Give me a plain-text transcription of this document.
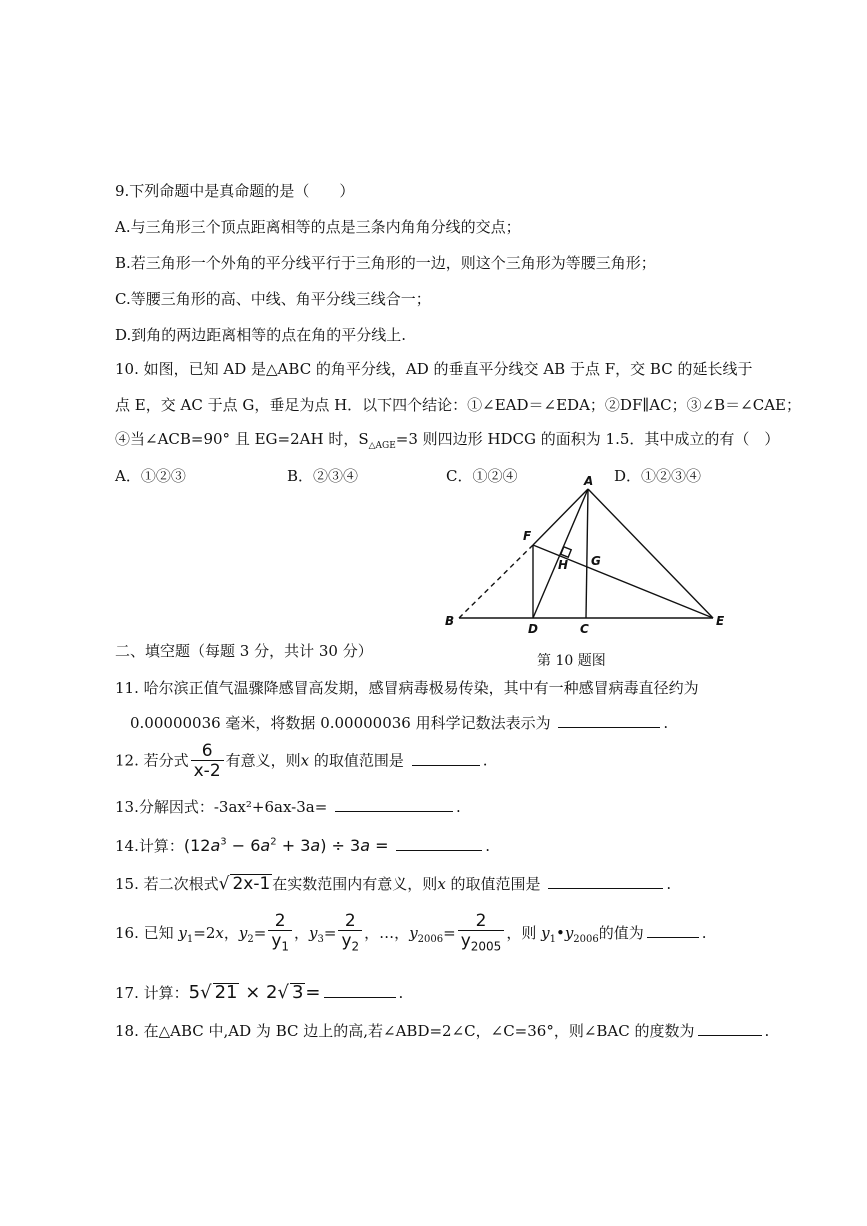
9.下列命题中是真命题的是（　　）
A.与三角形三个顶点距离相等的点是三条内角角分线的交点；
B.若三角形一个外角的平分线平行于三角形的一边，则这个三角形为等腰三角形；
C.等腰三角形的高、中线、角平分线三线合一；
D.到角的两边距离相等的点在角的平分线上.
10. 如图，已知 AD 是△ABC 的角平分线，AD 的垂直平分线交 AB 于点 F，交 BC 的延长线于
点 E，交 AC 于点 G，垂足为点 H．以下四个结论：①∠EAD＝∠EDA；②DF∥AC；③∠B＝∠CAE；
④当∠ACB=90° 且 EG=2AH 时，$S_{\triangle AGE}=3$ 则四边形 HDCG 的面积为 1.5．其中成立的有（　）
A．①②③	B．②③④	C．①②④	D．①②③④
A
F
H G
B
D	C
E
第 10 题图
二、填空题（每题 3 分，共计 30 分）
11. 哈尔滨正值气温骤降感冒高发期，感冒病毒极易传染，其中有一种感冒病毒直径约为
0.00000036 毫米，将数据 0.00000036 用科学记数法表示为	.
12. 若分式 $\frac{6}{x-2}$ 有意义，则x 的取值范围是	.
13.分解因式：-3ax²+6ax-3a=	.
14.计算：$(12a^3 - 6a^2 + 3a) \div 3a$ =	.
15. 若二次根式√ 2x-1 在实数范围内有意义，则x 的取值范围是	.
16. 已知 $y_1=2x$，$y_2= \frac{2}{y_1}$ ，$y_3= \frac{2}{y_2}$ ，…，$y_{2006}= \frac{2}{y_{2005}}$ ，则 $y_1•y_{2006}$的值为	.
17. 计算：5√ 21 × 2√ 3 =	.
18. 在△ABC 中,AD 为 BC 边上的高,若∠ABD=2∠C，∠C=36°，则∠BAC 的度数为	.
